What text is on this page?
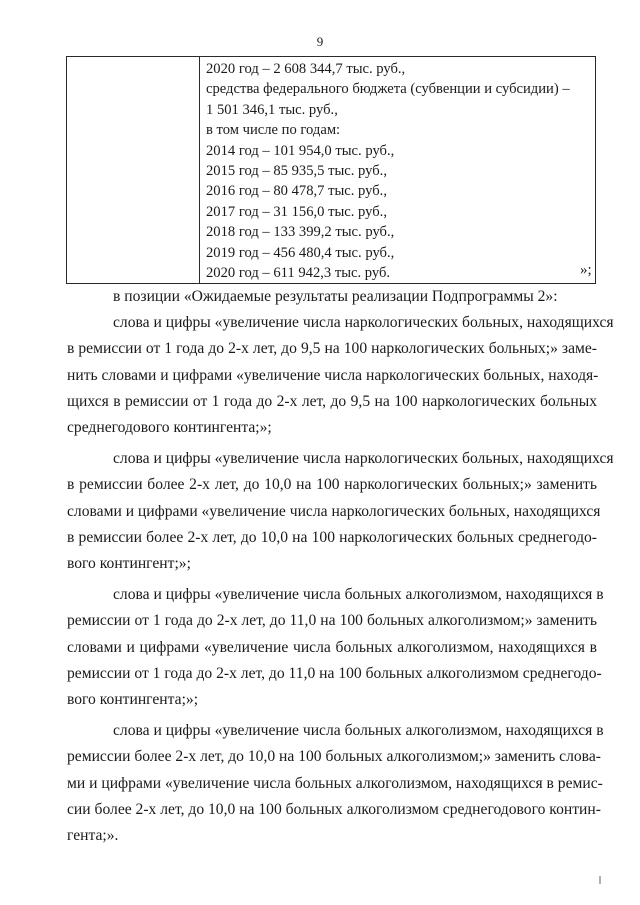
9

2020 год – 2 608 344,7 тыс. руб.,
средства федерального бюджета (субвенции и субсидии) –
1 501 346,1 тыс. руб.,
в том числе по годам:
2014 год – 101 954,0 тыс. руб.,
2015 год – 85 935,5 тыс. руб.,
2016 год – 80 478,7 тыс. руб.,
2017 год – 31 156,0 тыс. руб.,
2018 год – 133 399,2 тыс. руб.,
2019 год – 456 480,4 тыс. руб.,
2020 год – 611 942,3 тыс. руб.	»;
в позиции «Ожидаемые результаты реализации Подпрограммы 2»:
слова и цифры «увеличение числа наркологических больных, находящихся
в ремиссии от 1 года до 2-х лет, до 9,5 на 100 наркологических больных;» заме-
нить словами и цифрами «увеличение числа наркологических больных, находя-
щихся в ремиссии от 1 года до 2-х лет, до 9,5 на 100 наркологических больных
среднегодового контингента;»;
слова и цифры «увеличение числа наркологических больных, находящихся
в ремиссии более 2-х лет, до 10,0 на 100 наркологических больных;» заменить
словами и цифрами «увеличение числа наркологических больных, находящихся
в ремиссии более 2-х лет, до 10,0 на 100 наркологических больных среднегодо-
вого контингент;»;
слова и цифры «увеличение числа больных алкоголизмом, находящихся в
ремиссии от 1 года до 2-х лет, до 11,0 на 100 больных алкоголизмом;» заменить
словами и цифрами «увеличение числа больных алкоголизмом, находящихся в
ремиссии от 1 года до 2-х лет, до 11,0 на 100 больных алкоголизмом среднегодо-
вого контингента;»;
слова и цифры «увеличение числа больных алкоголизмом, находящихся в
ремиссии более 2-х лет, до 10,0 на 100 больных алкоголизмом;» заменить слова-
ми и цифрами «увеличение числа больных алкоголизмом, находящихся в ремис-
сии более 2-х лет, до 10,0 на 100 больных алкоголизмом среднегодового контин-
гента;».
